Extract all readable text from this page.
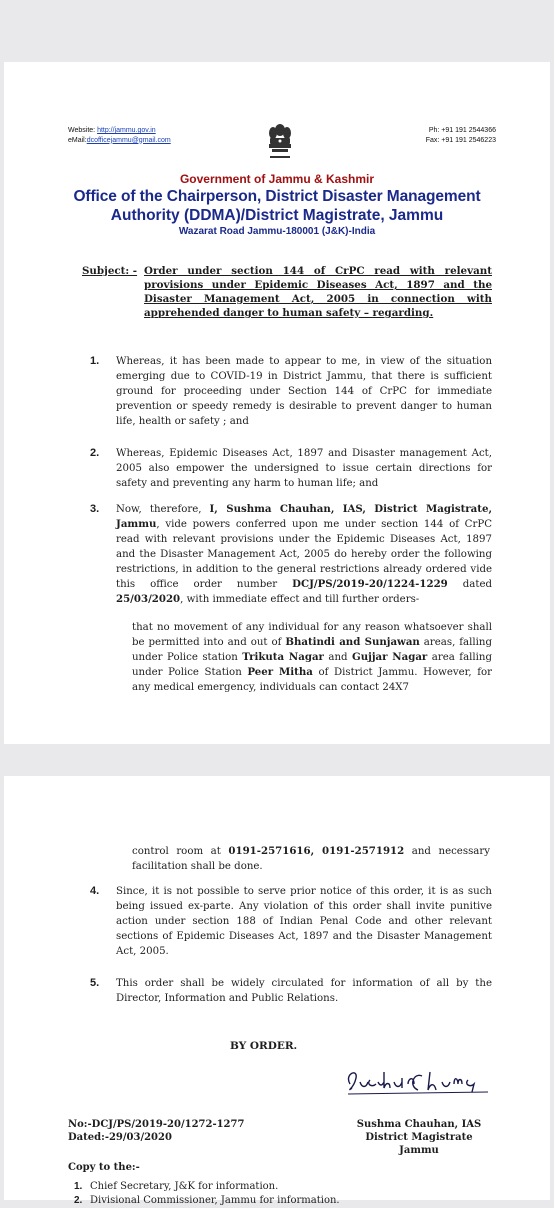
Website: http://jammu.gov.in
eMail:dcofficejammu@gmail.com
Ph: +91 191 2544366
Fax: +91 191 2546223
Government of Jammu & Kashmir
Office of the Chairperson, District Disaster Management
Authority (DDMA)/District Magistrate, Jammu
Wazarat Road Jammu-180001 (J&K)-India
Subject: - Order under section 144 of CrPC read with relevant provisions under Epidemic Diseases Act, 1897 and the Disaster Management Act, 2005 in connection with apprehended danger to human safety – regarding.
1. Whereas, it has been made to appear to me, in view of the situation emerging due to COVID-19 in District Jammu, that there is sufficient ground for proceeding under Section 144 of CrPC for immediate prevention or speedy remedy is desirable to prevent danger to human life, health or safety ; and
2. Whereas, Epidemic Diseases Act, 1897 and Disaster management Act, 2005 also empower the undersigned to issue certain directions for safety and preventing any harm to human life; and
3. Now, therefore, I, Sushma Chauhan, IAS, District Magistrate, Jammu, vide powers conferred upon me under section 144 of CrPC read with relevant provisions under the Epidemic Diseases Act, 1897 and the Disaster Management Act, 2005 do hereby order the following restrictions, in addition to the general restrictions already ordered vide this office order number DCJ/PS/2019-20/1224-1229 dated 25/03/2020, with immediate effect and till further orders-
that no movement of any individual for any reason whatsoever shall be permitted into and out of Bhatindi and Sunjawan areas, falling under Police station Trikuta Nagar and Gujjar Nagar area falling under Police Station Peer Mitha of District Jammu. However, for any medical emergency, individuals can contact 24X7
control room at 0191-2571616, 0191-2571912 and necessary facilitation shall be done.
4. Since, it is not possible to serve prior notice of this order, it is as such being issued ex-parte. Any violation of this order shall invite punitive action under section 188 of Indian Penal Code and other relevant sections of Epidemic Diseases Act, 1897 and the Disaster Management Act, 2005.
5. This order shall be widely circulated for information of all by the Director, Information and Public Relations.
BY ORDER.
No:-DCJ/PS/2019-20/1272-1277
Dated:-29/03/2020
Sushma Chauhan, IAS
District Magistrate
Jammu
Copy to the:-
1. Chief Secretary, J&K for information.
2. Divisional Commissioner, Jammu for information.
